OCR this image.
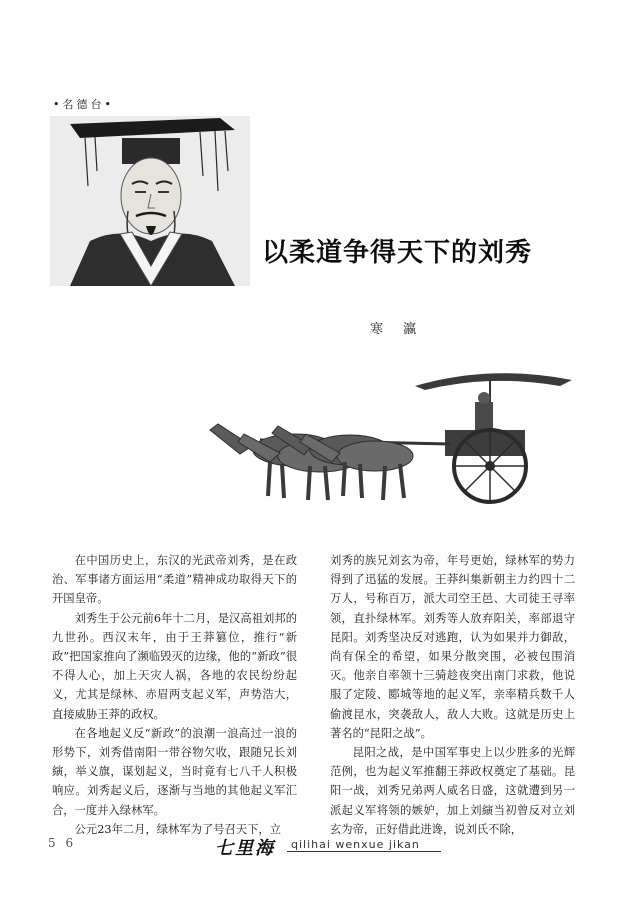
•名德台•
以柔道争得天下的刘秀
寒 瀛

在中国历史上，东汉的光武帝刘秀，是在政治、军事诸方面运用“柔道”精神成功取得天下的开国皇帝。

刘秀生于公元前6年十二月，是汉高祖刘邦的九世孙。西汉末年，由于王莽篡位，推行“新政”把国家推向了濒临毁灭的边缘，他的“新政”很不得人心，加上天灾人祸，各地的农民纷纷起义，尤其是绿林、赤眉两支起义军，声势浩大，直接威胁王莽的政权。

在各地起义反“新政”的浪潮一浪高过一浪的形势下，刘秀借南阳一带谷物欠收，跟随兄长刘縯，举义旗，谋划起义，当时竟有七八千人积极响应。刘秀起义后，逐渐与当地的其他起义军汇合，一度并入绿林军。

公元23年二月，绿林军为了号召天下，立

刘秀的族兄刘玄为帝，年号更始，绿林军的势力得到了迅猛的发展。王莽纠集新朝主力约四十二万人，号称百万，派大司空王邑、大司徒王寻率领，直扑绿林军。刘秀等人放弃阳关，率部退守昆阳。刘秀坚决反对逃跑，认为如果并力御敌，尚有保全的希望，如果分散突围，必被包围消灭。他亲自率领十三骑趁夜突出南门求救，他说服了定陵、郾城等地的起义军，亲率精兵数千人偷渡昆水，突袭敌人，敌人大败。这就是历史上著名的“昆阳之战”。

昆阳之战，是中国军事史上以少胜多的光辉范例，也为起义军推翻王莽政权奠定了基础。昆阳一战，刘秀兄弟两人威名日盛，这就遭到另一派起义军将领的嫉妒，加上刘縯当初曾反对立刘玄为帝，正好借此进谗，说刘氏不除，

5 6	七里海	qilihai wenxue jikan
